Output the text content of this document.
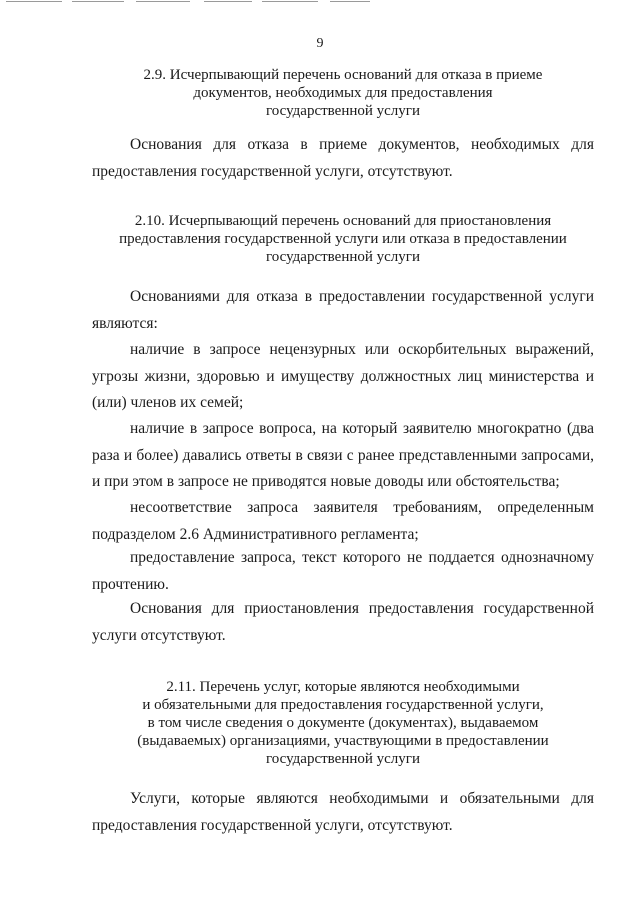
9
2.9. Исчерпывающий перечень оснований для отказа в приеме
документов, необходимых для предоставления
государственной услуги

Основания для отказа в приеме документов, необходимых для предоставления государственной услуги, отсутствуют.

2.10. Исчерпывающий перечень оснований для приостановления
предоставления государственной услуги или отказа в предоставлении
государственной услуги

Основаниями для отказа в предоставлении государственной услуги являются:

наличие в запросе нецензурных или оскорбительных выражений, угрозы жизни, здоровью и имуществу должностных лиц министерства и (или) членов их семей;

наличие в запросе вопроса, на который заявителю многократно (два раза и более) давались ответы в связи с ранее представленными запросами, и при этом в запросе не приводятся новые доводы или обстоятельства;

несоответствие запроса заявителя требованиям, определенным подразделом 2.6 Административного регламента;

предоставление запроса, текст которого не поддается однозначному прочтению.

Основания для приостановления предоставления государственной услуги отсутствуют.

2.11. Перечень услуг, которые являются необходимыми
и обязательными для предоставления государственной услуги,
в том числе сведения о документе (документах), выдаваемом
(выдаваемых) организациями, участвующими в предоставлении
государственной услуги

Услуги, которые являются необходимыми и обязательными для предоставления государственной услуги, отсутствуют.
